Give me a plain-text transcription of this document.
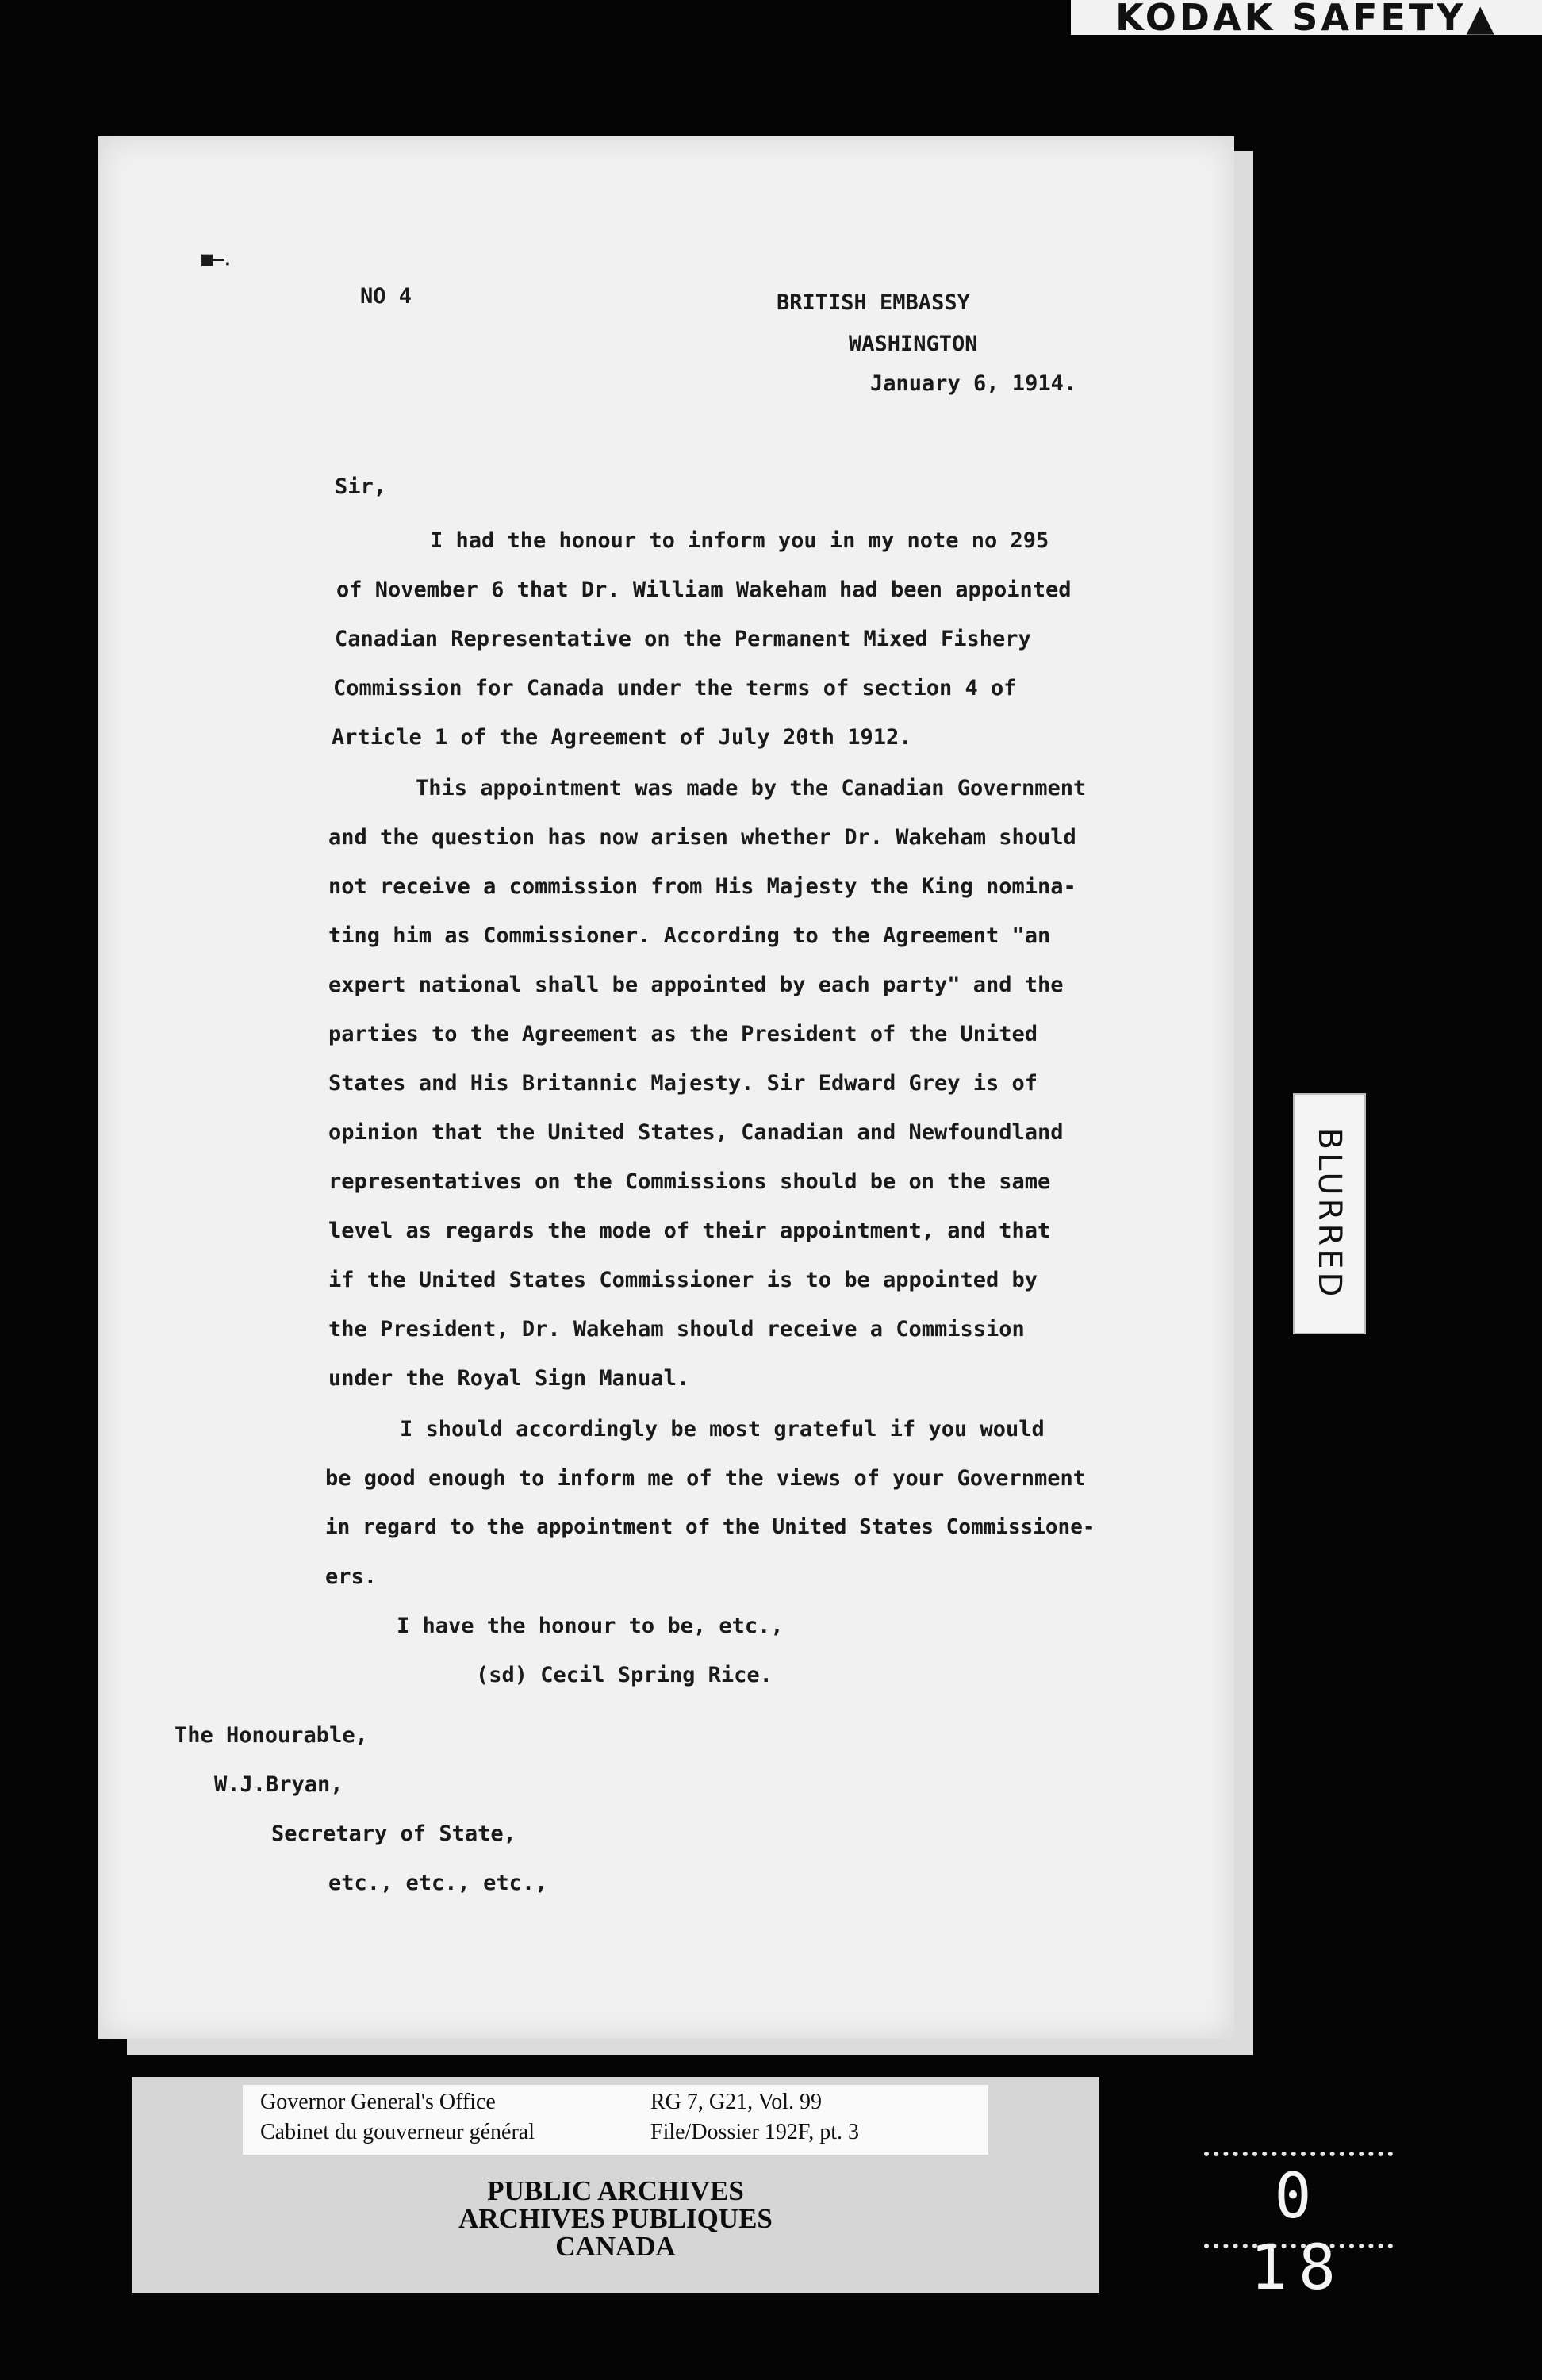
KODAK SAFETY▲
■–․
NO 4	BRITISH EMBASSY
WASHINGTON
January 6, 1914.
Sir,
I had the honour to inform you in my note no 295
of November 6 that Dr. William Wakeham had been appointed
Canadian Representative on the Permanent Mixed Fishery
Commission for Canada under the terms of section 4 of
Article 1 of the Agreement of July 20th 1912.
This appointment was made by the Canadian Government
and the question has now arisen whether Dr. Wakeham should
not receive a commission from His Majesty the King nomina-
ting him as Commissioner. According to the Agreement "an
expert national shall be appointed by each party" and the
parties to the Agreement as the President of the United
States and His Britannic Majesty. Sir Edward Grey is of
opinion that the United States, Canadian and Newfoundland
representatives on the Commissions should be on the same
level as regards the mode of their appointment, and that
if the United States Commissioner is to be appointed by
the President, Dr. Wakeham should receive a Commission
under the Royal Sign Manual.
I should accordingly be most grateful if you would
be good enough to inform me of the views of your Government
in regard to the appointment of the United States Commissione-
ers.
I have the honour to be, etc.,
(sd) Cecil Spring Rice.
The Honourable,
W.J.Bryan,
Secretary of State,
etc., etc., etc.,
BLURRED
Governor General's Office
Cabinet du gouverneur général
RG 7, G21, Vol. 99
File/Dossier 192F, pt. 3
PUBLIC ARCHIVES
ARCHIVES PUBLIQUES
CANADA
0 18
